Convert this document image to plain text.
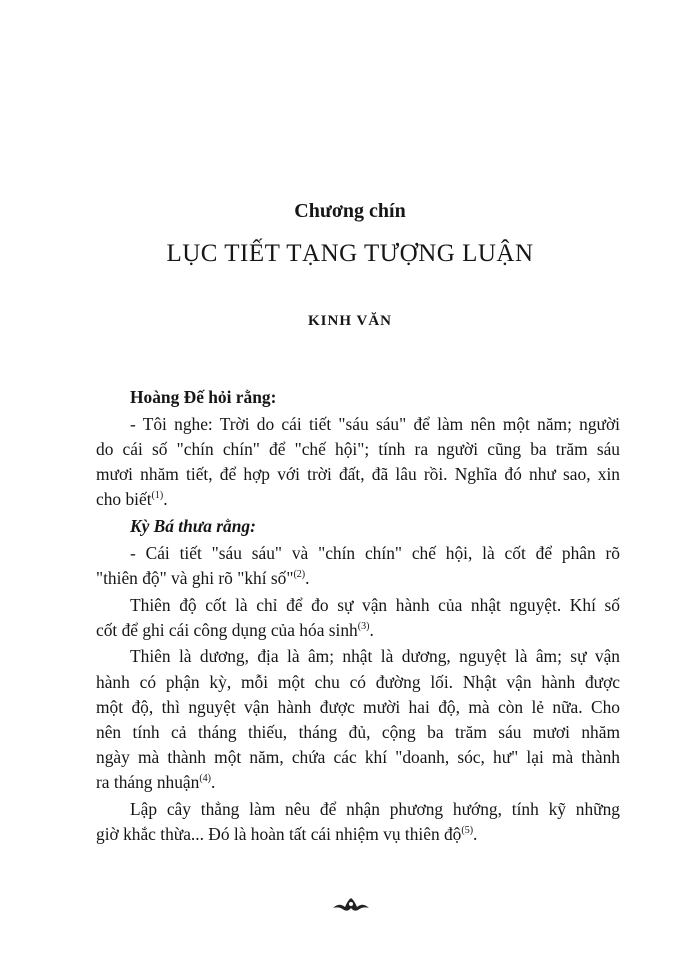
Chương chín
LỤC TIẾT TẠNG TƯỢNG LUẬN
KINH VĂN
Hoàng Đế hỏi rằng:
- Tôi nghe: Trời do cái tiết "sáu sáu" để làm nên một năm; người
do cái số "chín chín" để "chế hội"; tính ra người cũng ba trăm sáu
mươi nhăm tiết, để hợp với trời đất, đã lâu rồi. Nghĩa đó như sao, xin
cho biết$^{(1)}$.
Kỳ Bá thưa rằng:
- Cái tiết "sáu sáu" và "chín chín" chế hội, là cốt để phân rõ
"thiên độ" và ghi rõ "khí số"$^{(2)}$.
Thiên độ cốt là chỉ để đo sự vận hành của nhật nguyệt. Khí số
cốt để ghi cái công dụng của hóa $\sinh^{(3)}$.
Thiên là dương, địa là âm; nhật là dương, nguyệt là âm; sự vận
hành có phận kỳ, mỗi một chu có đường lối. Nhật vận hành được
một độ, thì nguyệt vận hành được mười hai độ, mà còn lẻ nữa. Cho
nên tính cả tháng thiếu, tháng đủ, cộng ba trăm sáu mươi nhăm
ngày mà thành một năm, chứa các khí "doanh, sóc, hư" lại mà thành
ra tháng nhuận$^{(4)}$.
Lập cây thẳng làm nêu để nhận phương hướng, tính kỹ những
giờ khắc thừa... Đó là hoàn tất cái nhiệm vụ thiên độ$^{(5)}$.
